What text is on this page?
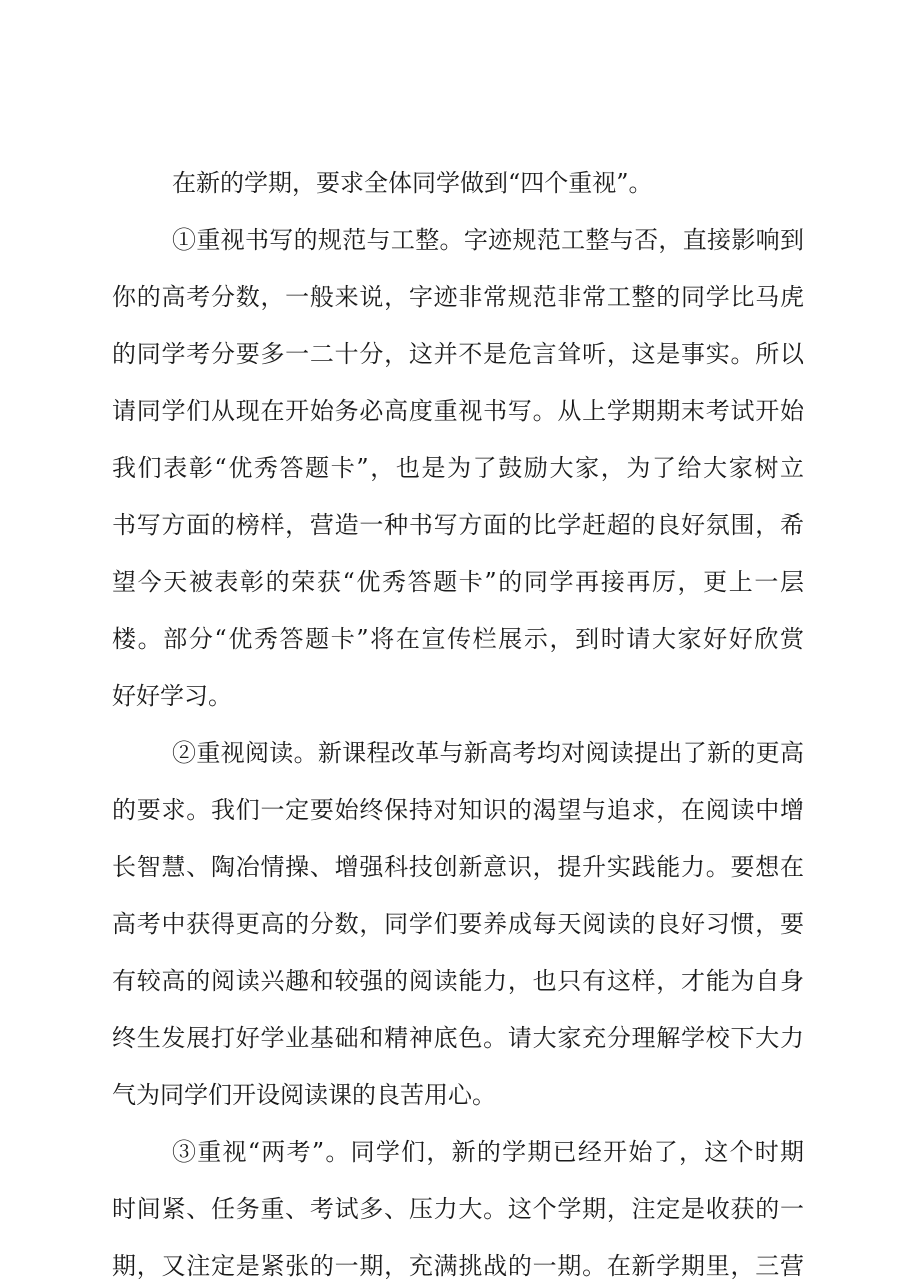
在新的学期，要求全体同学做到“四个重视”。
①重视书写的规范与工整。字迹规范工整与否，直接影响到
你的高考分数，一般来说，字迹非常规范非常工整的同学比马虎
的同学考分要多一二十分，这并不是危言耸听，这是事实。所以
请同学们从现在开始务必高度重视书写。从上学期期末考试开始
我们表彰“优秀答题卡”，也是为了鼓励大家，为了给大家树立
书写方面的榜样，营造一种书写方面的比学赶超的良好氛围，希
望今天被表彰的荣获“优秀答题卡”的同学再接再厉，更上一层
楼。部分“优秀答题卡”将在宣传栏展示，到时请大家好好欣赏
好好学习。
②重视阅读。新课程改革与新高考均对阅读提出了新的更高
的要求。我们一定要始终保持对知识的渴望与追求，在阅读中增
长智慧、陶冶情操、增强科技创新意识，提升实践能力。要想在
高考中获得更高的分数，同学们要养成每天阅读的良好习惯，要
有较高的阅读兴趣和较强的阅读能力，也只有这样，才能为自身
终生发展打好学业基础和精神底色。请大家充分理解学校下大力
气为同学们开设阅读课的良苦用心。
③重视“两考”。同学们，新的学期已经开始了，这个时期
时间紧、任务重、考试多、压力大。这个学期，注定是收获的一
期，又注定是紧张的一期，充满挑战的一期。在新学期里，三营
